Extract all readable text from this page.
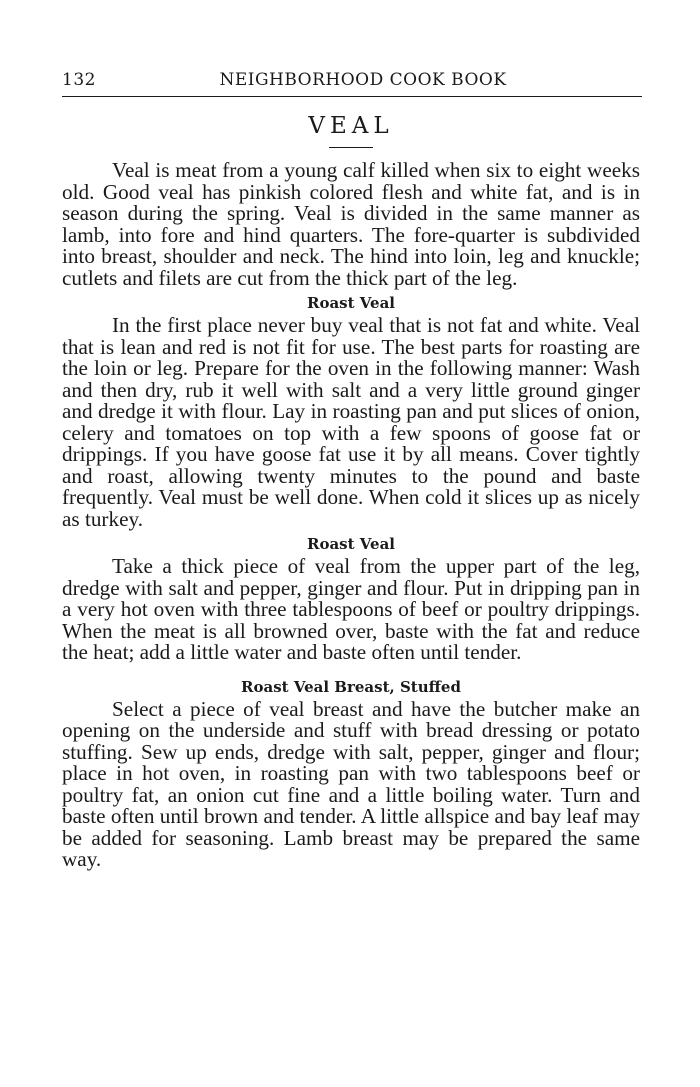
132	NEIGHBORHOOD COOK BOOK
VEAL

Veal is meat from a young calf killed when six to eight weeks old. Good veal has pinkish colored flesh and white fat, and is in season during the spring. Veal is divided in the same manner as lamb, into fore and hind quarters. The fore-quarter is subdivided into breast, shoulder and neck. The hind into loin, leg and knuckle; cutlets and filets are cut from the thick part of the leg.

Roast Veal

In the first place never buy veal that is not fat and white. Veal that is lean and red is not fit for use. The best parts for roasting are the loin or leg. Prepare for the oven in the following manner: Wash and then dry, rub it well with salt and a very little ground ginger and dredge it with flour. Lay in roasting pan and put slices of onion, celery and tomatoes on top with a few spoons of goose fat or drippings. If you have goose fat use it by all means. Cover tightly and roast, allowing twenty minutes to the pound and baste frequently. Veal must be well done. When cold it slices up as nicely as turkey.

Roast Veal

Take a thick piece of veal from the upper part of the leg, dredge with salt and pepper, ginger and flour. Put in dripping pan in a very hot oven with three tablespoons of beef or poultry drippings. When the meat is all browned over, baste with the fat and reduce the heat; add a little water and baste often until tender.

Roast Veal Breast, Stuffed

Select a piece of veal breast and have the butcher make an opening on the underside and stuff with bread dressing or potato stuffing. Sew up ends, dredge with salt, pepper, ginger and flour; place in hot oven, in roasting pan with two tablespoons beef or poultry fat, an onion cut fine and a little boiling water. Turn and baste often until brown and tender. A little allspice and bay leaf may be added for seasoning. Lamb breast may be prepared the same way.
